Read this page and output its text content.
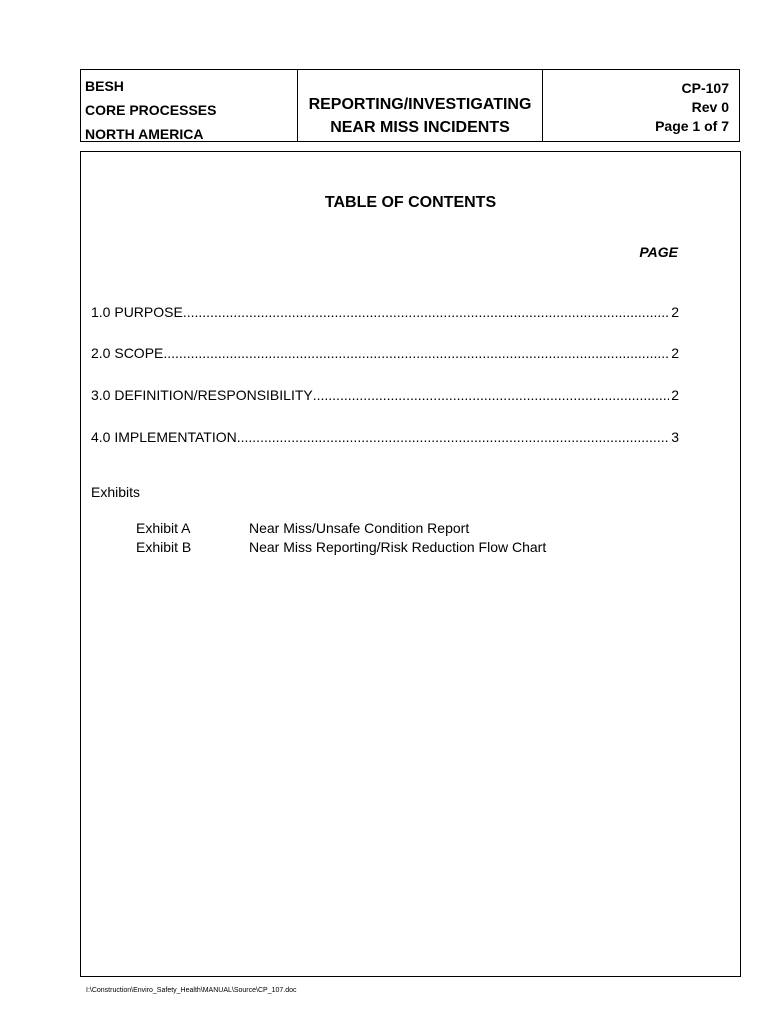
BESH
CORE PROCESSES
NORTH AMERICA
REPORTING/INVESTIGATING
NEAR MISS INCIDENTS
CP-107
Rev 0
Page 1 of 7
TABLE OF CONTENTS
PAGE
1.0 PURPOSE .....	2
2.0 SCOPE .....	2
3.0 DEFINITION/RESPONSIBILITY .....	2
4.0 IMPLEMENTATION .....	3
Exhibits
Exhibit A	Near Miss/Unsafe Condition Report
Exhibit B	Near Miss Reporting/Risk Reduction Flow Chart
I:\Construction\Enviro_Safety_Health\MANUAL\Source\CP_107.doc
